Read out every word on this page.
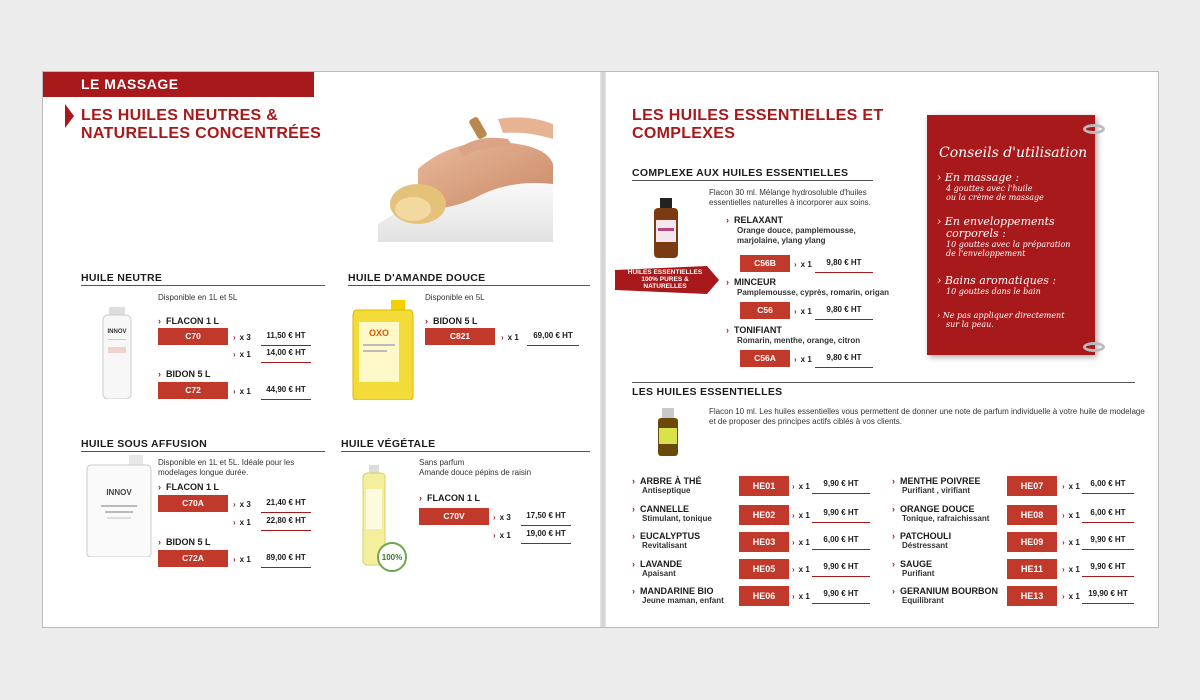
LE MASSAGE
LES HUILES NEUTRES &
NATURELLES CONCENTRÉES
HUILE NEUTRE
Disponible en 1L et 5L
INNOV
› FLACON 1 L
C70	› x 3	11,50 € HT
› x 1	14,00 € HT
› BIDON 5 L
C72	› x 1	44,90 € HT
HUILE D'AMANDE DOUCE
Disponible en 5L
OXO
› BIDON 5 L
C821	› x 1	69,00 € HT
HUILE SOUS AFFUSION
Disponible en 1L et 5L. Idéale pour les
modelages longue durée.
INNOV
› FLACON 1 L
C70A	› x 3	21,40 € HT
› x 1	22,80 € HT
› BIDON 5 L
C72A	› x 1	89,00 € HT
HUILE VÉGÉTALE
Sans parfum
Amande douce pépins de raisin
100%
› FLACON 1 L
C70V	› x 3	17,50 € HT
› x 1	19,00 € HT
LES HUILES ESSENTIELLES ET
COMPLEXES
COMPLEXE AUX HUILES ESSENTIELLES
Flacon 30 ml. Mélange hydrosoluble d'huiles
essentielles naturelles à incorporer aux soins.
HUILES ESSENTIELLES
100% PURES &
NATURELLES
› RELAXANT
Orange douce, pamplemousse,
marjolaine, ylang ylang
C56B	› x 1	9,80 € HT
› MINCEUR
Pamplemousse, cyprès, romarin, origan
C56	› x 1	9,80 € HT
› TONIFIANT
Romarin, menthe, orange, citron
C56A	› x 1	9,80 € HT
Conseils d'utilisation
› En massage :
4 gouttes avec l'huile
ou la crème de massage
› En enveloppements
corporels :
10 gouttes avec la préparation
de l'enveloppement
› Bains aromatiques :
10 gouttes dans le bain
› Ne pas appliquer directement
sur la peau.
LES HUILES ESSENTIELLES
Flacon 10 ml. Les huiles essentielles vous permettent de donner une note de parfum individuelle à votre huile de modelage
et de proposer des principes actifs ciblés à vos clients.
› ARBRE À THÉ
Antiseptique	HE01	› x 1	9,90 € HT
› CANNELLE
Stimulant, tonique	HE02	› x 1	9,90 € HT
› EUCALYPTUS
Revitalisant	HE03	› x 1	6,00 € HT
› LAVANDE
Apaisant	HE05	› x 1	9,90 € HT
› MANDARINE BIO
Jeune maman, enfant	HE06	› x 1	9,90 € HT
› MENTHE POIVREE
Purifiant , virifiant	HE07	› x 1	6,00 € HT
› ORANGE DOUCE
Tonique, rafraichissant	HE08	› x 1	6,00 € HT
› PATCHOULI
Déstressant	HE09	› x 1	9,90 € HT
› SAUGE
Purifiant	HE11	› x 1	9,90 € HT
› GERANIUM BOURBON
Equilibrant	HE13	› x 1	19,90 € HT
